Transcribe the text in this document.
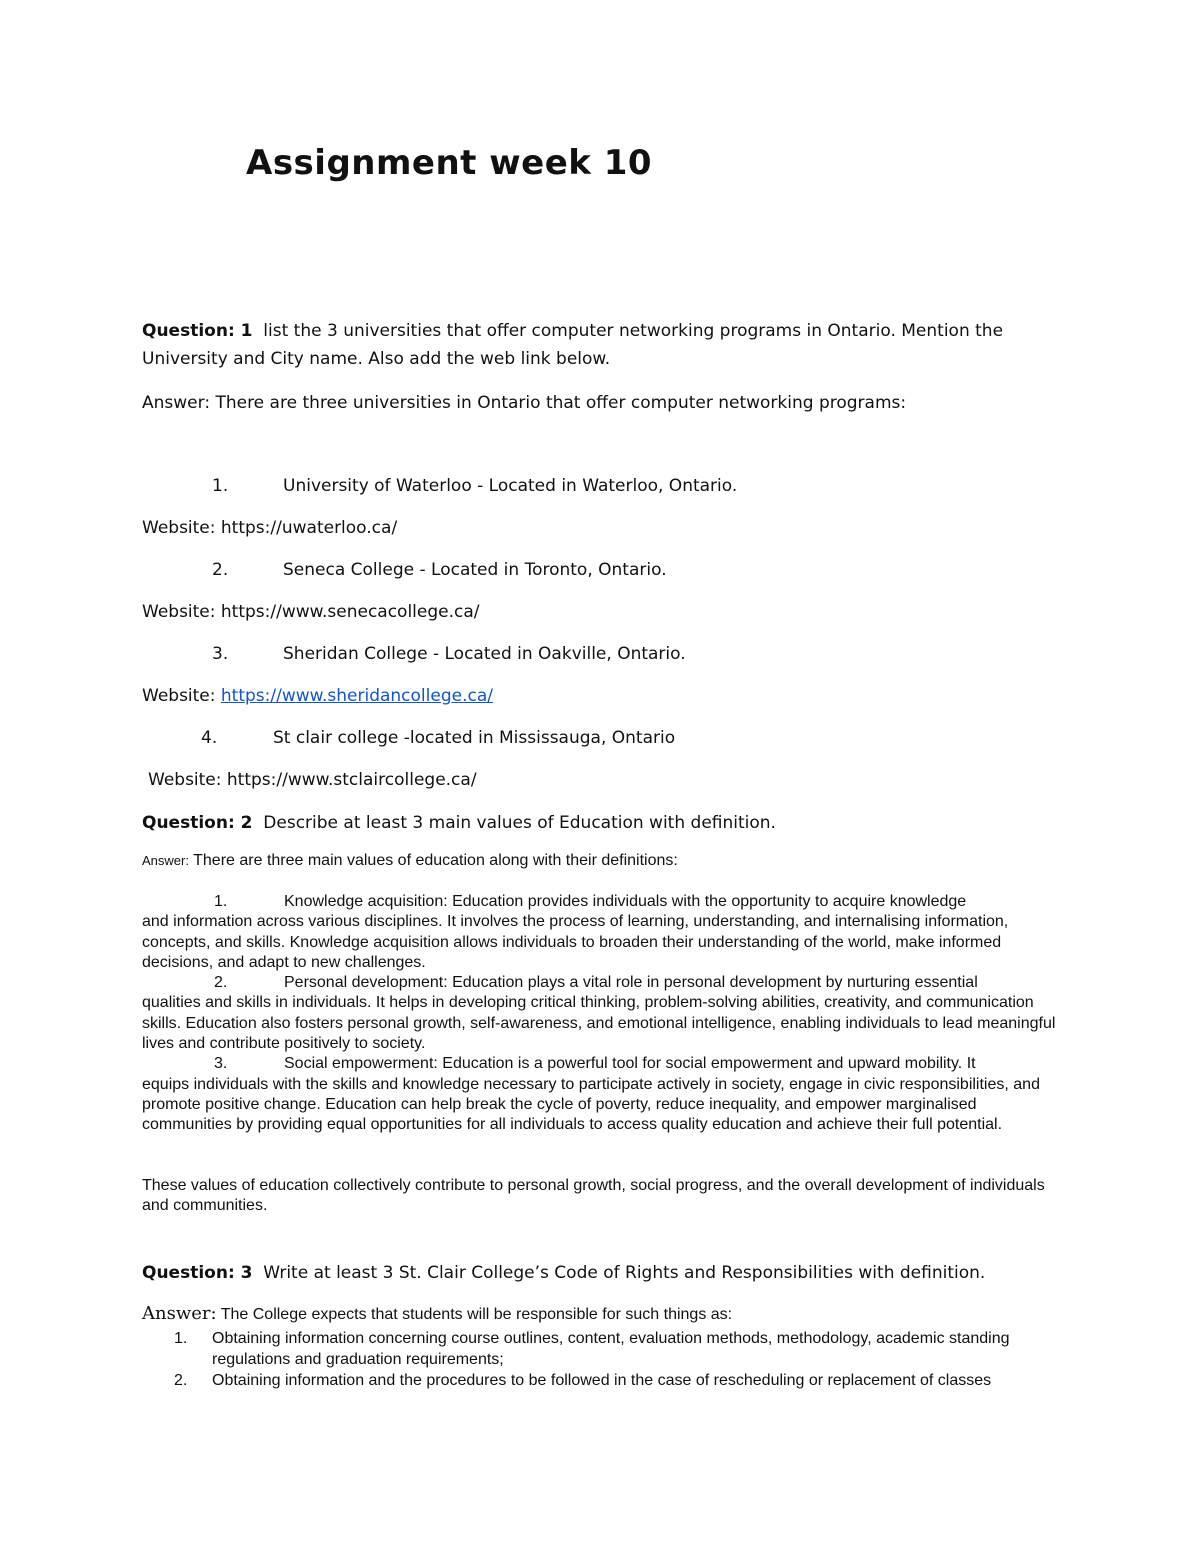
Assignment week 10
Question: 1 list the 3 universities that offer computer networking programs in Ontario. Mention the
University and City name. Also add the web link below.
Answer: There are three universities in Ontario that offer computer networking programs:
1.	University of Waterloo - Located in Waterloo, Ontario.
Website: https://uwaterloo.ca/
2.	Seneca College - Located in Toronto, Ontario.
Website: https://www.senecacollege.ca/
3.	Sheridan College - Located in Oakville, Ontario.
Website: https://www.sheridancollege.ca/
4.	St clair college -located in Mississauga, Ontario
Website: https://www.stclaircollege.ca/
Question: 2 Describe at least 3 main values of Education with definition.
Answer: There are three main values of education along with their definitions:
1.	Knowledge acquisition: Education provides individuals with the opportunity to acquire knowledge
and information across various disciplines. It involves the process of learning, understanding, and internalising information, concepts, and skills. Knowledge acquisition allows individuals to broaden their understanding of the world, make informed decisions, and adapt to new challenges.
2.	Personal development: Education plays a vital role in personal development by nurturing essential
qualities and skills in individuals. It helps in developing critical thinking, problem-solving abilities, creativity, and communication skills. Education also fosters personal growth, self-awareness, and emotional intelligence, enabling individuals to lead meaningful lives and contribute positively to society.
3.	Social empowerment: Education is a powerful tool for social empowerment and upward mobility. It
equips individuals with the skills and knowledge necessary to participate actively in society, engage in civic responsibilities, and promote positive change. Education can help break the cycle of poverty, reduce inequality, and empower marginalised communities by providing equal opportunities for all individuals to access quality education and achieve their full potential.
These values of education collectively contribute to personal growth, social progress, and the overall development of individuals and communities.
Question: 3 Write at least 3 St. Clair College’s Code of Rights and Responsibilities with definition.
Answer: The College expects that students will be responsible for such things as:
1. Obtaining information concerning course outlines, content, evaluation methods, methodology, academic standing regulations and graduation requirements;
2. Obtaining information and the procedures to be followed in the case of rescheduling or replacement of classes
